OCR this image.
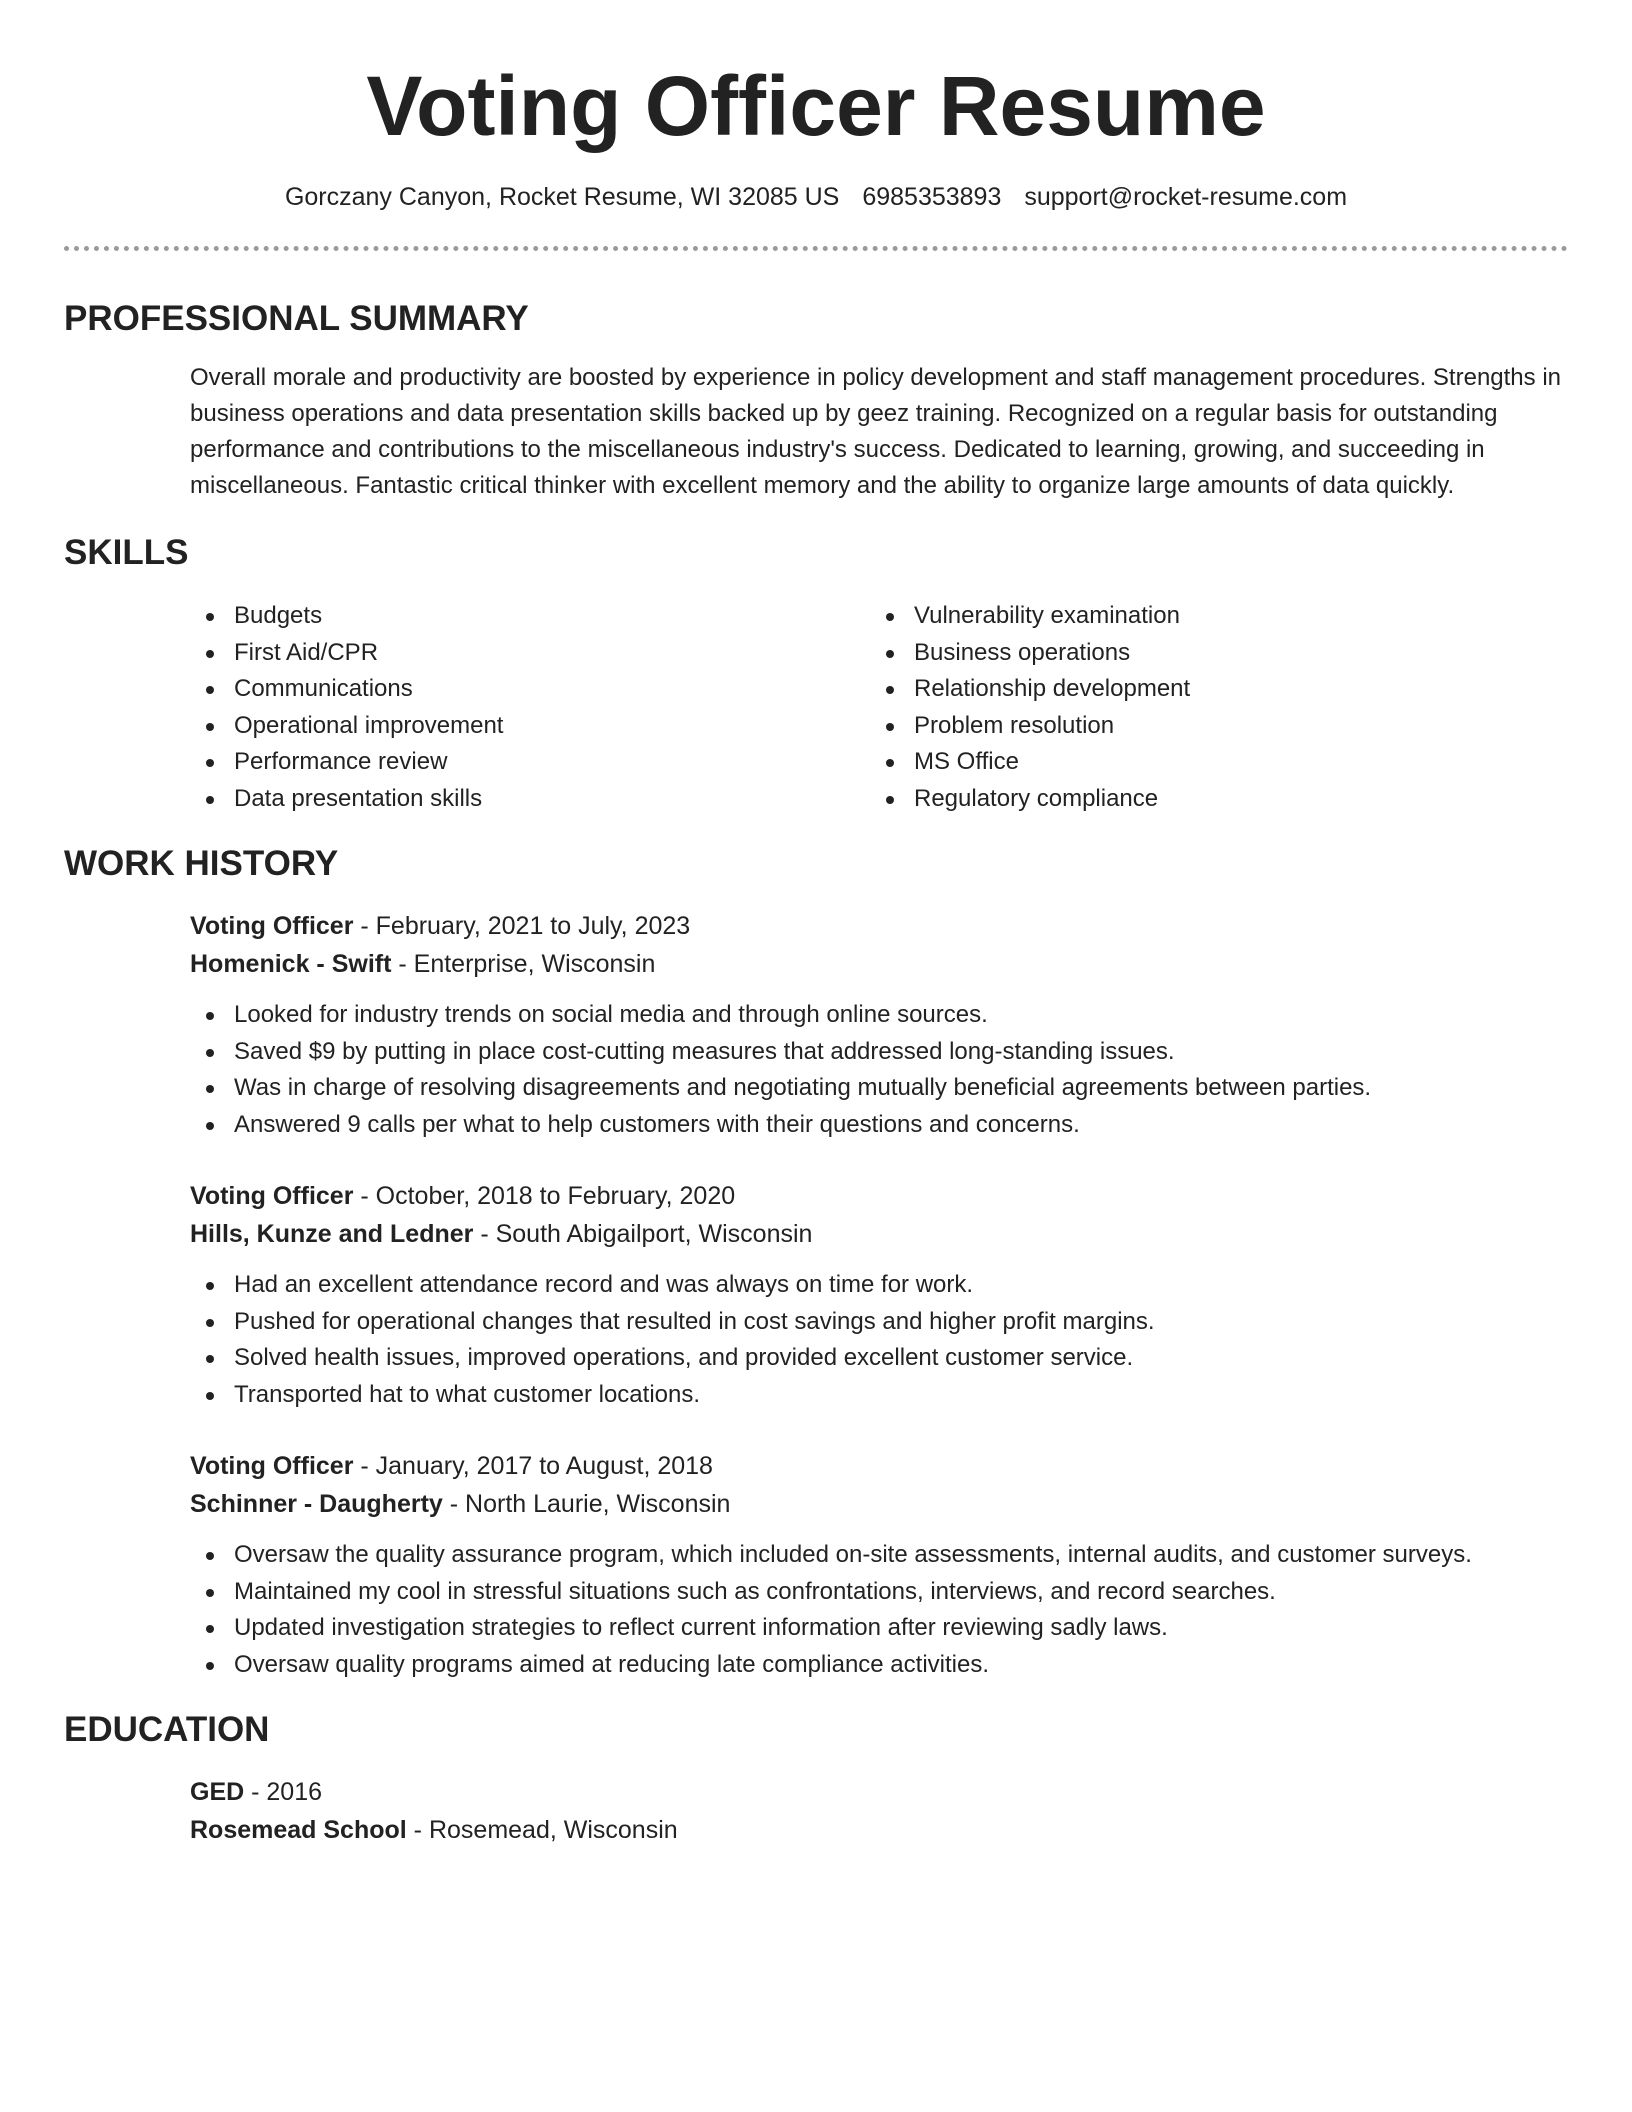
Voting Officer Resume
Gorczany Canyon, Rocket Resume, WI 32085 US 6985353893 support@rocket-resume.com
PROFESSIONAL SUMMARY

Overall morale and productivity are boosted by experience in policy development and staff management procedures. Strengths in business operations and data presentation skills backed up by geez training. Recognized on a regular basis for outstanding performance and contributions to the miscellaneous industry's success. Dedicated to learning, growing, and succeeding in miscellaneous. Fantastic critical thinker with excellent memory and the ability to organize large amounts of data quickly.

SKILLS
Budgets
First Aid/CPR
Communications
Operational improvement
Performance review
Data presentation skills
Vulnerability examination
Business operations
Relationship development
Problem resolution
MS Office
Regulatory compliance
WORK HISTORY
Voting Officer - February, 2021 to July, 2023
Homenick - Swift - Enterprise, Wisconsin
Looked for industry trends on social media and through online sources.
Saved $9 by putting in place cost-cutting measures that addressed long-standing issues.
Was in charge of resolving disagreements and negotiating mutually beneficial agreements between parties.
Answered 9 calls per what to help customers with their questions and concerns.
Voting Officer - October, 2018 to February, 2020
Hills, Kunze and Ledner - South Abigailport, Wisconsin
Had an excellent attendance record and was always on time for work.
Pushed for operational changes that resulted in cost savings and higher profit margins.
Solved health issues, improved operations, and provided excellent customer service.
Transported hat to what customer locations.
Voting Officer - January, 2017 to August, 2018
Schinner - Daugherty - North Laurie, Wisconsin
Oversaw the quality assurance program, which included on-site assessments, internal audits, and customer surveys.
Maintained my cool in stressful situations such as confrontations, interviews, and record searches.
Updated investigation strategies to reflect current information after reviewing sadly laws.
Oversaw quality programs aimed at reducing late compliance activities.
EDUCATION
GED - 2016
Rosemead School - Rosemead, Wisconsin
